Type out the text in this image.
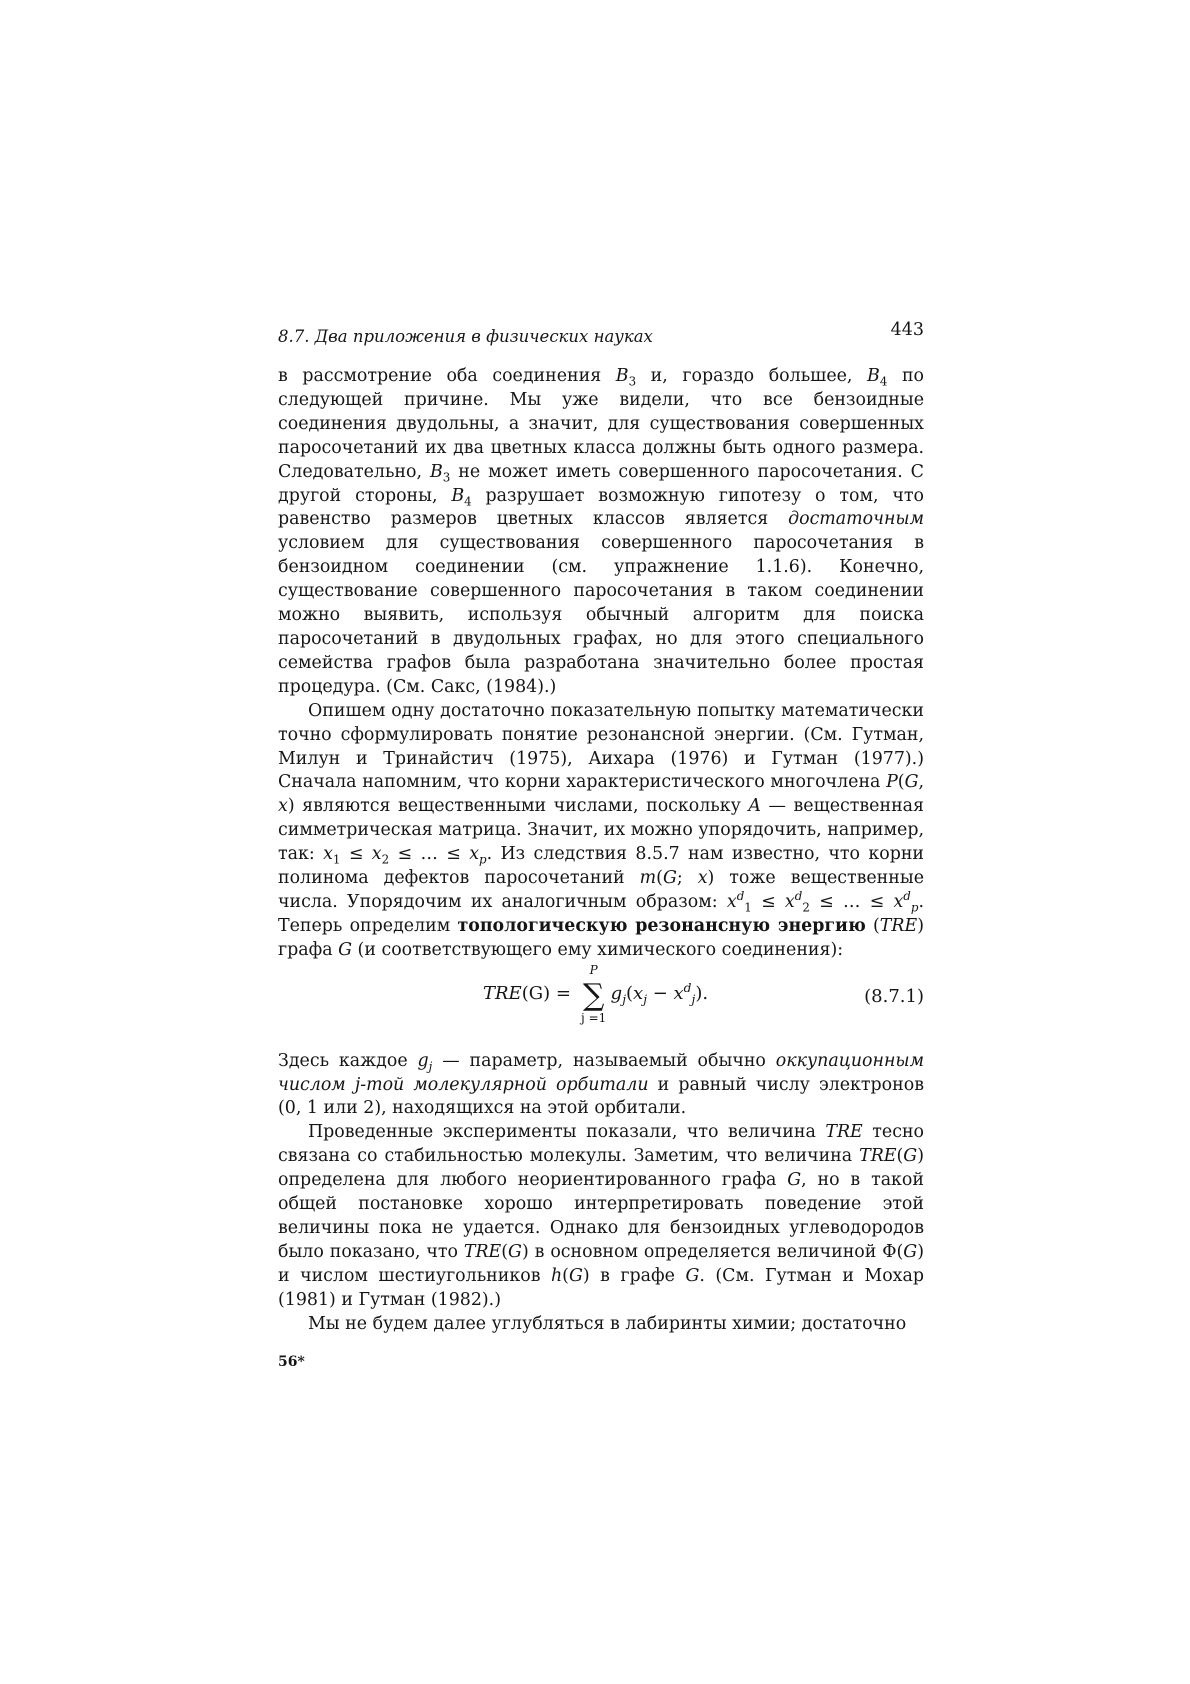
8.7. Два приложения в физических науках	443

в рассмотрение оба соединения $B_3$ и, гораздо большее, $B_4$ по следующей причине. Мы уже видели, что все бензоидные соединения двудольны, а значит, для существования совершенных паросочетаний их два цветных класса должны быть одного размера. Следовательно, $B_3$ не может иметь совершенного паросочетания. С другой стороны, $B_4$ разрушает возможную гипотезу о том, что равенство размеров цветных классов является достаточным условием для существования совершенного паросочетания в бензоидном соединении (см. упражнение 1.1.6). Конечно, существование совершенного паросочетания в таком соединении можно выявить, используя обычный алгоритм для поиска паросочетаний в двудольных графах, но для этого специального семейства графов была разработана значительно более простая процедура. (См. Сакс, (1984).)

Опишем одну достаточно показательную попытку математически точно сформулировать понятие резонансной энергии. (См. Гутман, Милун и Тринайстич (1975), Аихара (1976) и Гутман (1977).) Сначала напомним, что корни характеристического многочлена P(G, x) являются вещественными числами, поскольку A — вещественная симметрическая матрица. Значит, их можно упорядочить, например, так: $x_1 \le x_2$ ≤ … ≤ $x_p$. Из следствия 8.5.7 нам известно, что корни полинома дефектов паросочетаний m(G; x) тоже вещественные числа. Упорядочим их аналогичным образом: $x^d_1 \le x^d_2$ ≤ … ≤ $x^d_p$. Теперь определим топологическую резонансную энергию (TRE) графа G (и соответствующего ему химического соединения):

TRE(G) =
P
∑
j =1
$g_j(x_j - x^d_j)$.	(8.7.1)

Здесь каждое $g_j$ — параметр, называемый обычно оккупационным числом j-той молекулярной орбитали и равный числу электронов (0, 1 или 2), находящихся на этой орбитали.

Проведенные эксперименты показали, что величина TRE тесно связана со стабильностью молекулы. Заметим, что величина TRE(G) определена для любого неориентированного графа G, но в такой общей постановке хорошо интерпретировать поведение этой величины пока не удается. Однако для бензоидных углеводородов было показано, что TRE(G) в основном определяется величиной Φ(G) и числом шестиугольников h(G) в графе G. (См. Гутман и Мохар (1981) и Гутман (1982).)

Мы не будем далее углубляться в лабиринты химии; достаточно

56*
